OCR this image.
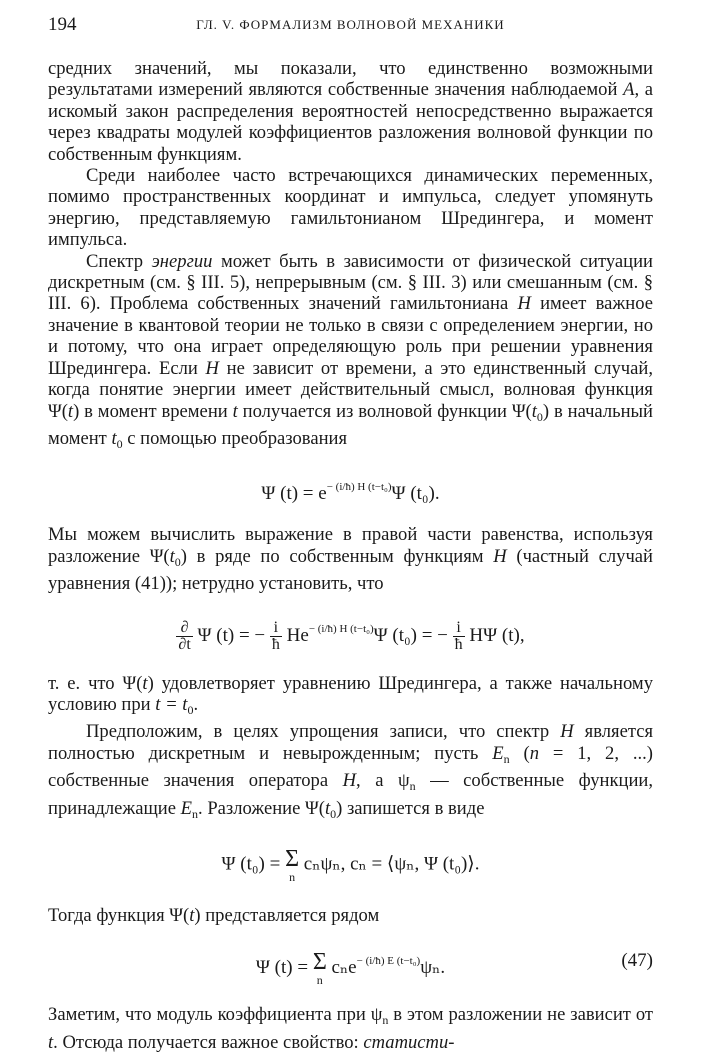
194	ГЛ. V. ФОРМАЛИЗМ ВОЛНОВОЙ МЕХАНИКИ

средних значений, мы показали, что единственно возможными результатами измерений являются собственные значения наблюдаемой A, а искомый закон распределения вероятностей непосредственно выражается через квадраты модулей коэффициентов разложения волновой функции по собственным функциям.

Среди наиболее часто встречающихся динамических переменных, помимо пространственных координат и импульса, следует упомянуть энергию, представляемую гамильтонианом Шредингера, и момент импульса.

Спектр энергии может быть в зависимости от физической ситуации дискретным (см. § III. 5), непрерывным (см. § III. 3) или смешанным (см. § III. 6). Проблема собственных значений гамильтониана H имеет важное значение в квантовой теории не только в связи с определением энергии, но и потому, что она играет определяющую роль при решении уравнения Шредингера. Если H не зависит от времени, а это единственный случай, когда понятие энергии имеет действительный смысл, волновая функция Ψ(t) в момент времени t получается из волновой функции $\Psi(t_0)$ в начальный момент $t_0$ с помощью преобразования

Ψ $(t) = e^{- (i/ħ) H (t-t_0)}\Psi$ (t₀).

Мы можем вычислить выражение в правой части равенства, используя разложение $\Psi(t_0)$ в ряде по собственным функциям H (частный случай уравнения (41)); нетрудно установить, что

$\frac{\partial}{\partial t}$ Ψ (t) = − $\frac{i}{ħ} He^{- (i/ħ) H (t-t_0)}\Psi$ (t₀) = − $\frac{i}{ħ}$ HΨ (t),

т. е. что Ψ(t) удовлетворяет уравнению Шредингера, а также начальному условию при $t = t_0$.

Предположим, в целях упрощения записи, что спектр H является полностью дискретным и невырожденным; пусть $E_n$ (n = 1, 2, ...) собственные значения оператора H, а $\psi_n$ — собственные функции, принадлежащие $E_n$. Разложение $\Psi(t_0)$ запишется в виде

Ψ (t₀) = Σ
n
cₙψₙ, cₙ = ⟨ψₙ, Ψ (t₀)⟩.

Тогда функция Ψ(t) представляется рядом

Ψ (t) = Σ
n
cₙe$^{- (i/ħ) E (t-t_0)}$ψₙ.	(47)

Заметим, что модуль коэффициента при $\psi_n$ в этом разложении не зависит от t. Отсюда получается важное свойство: статисти-
